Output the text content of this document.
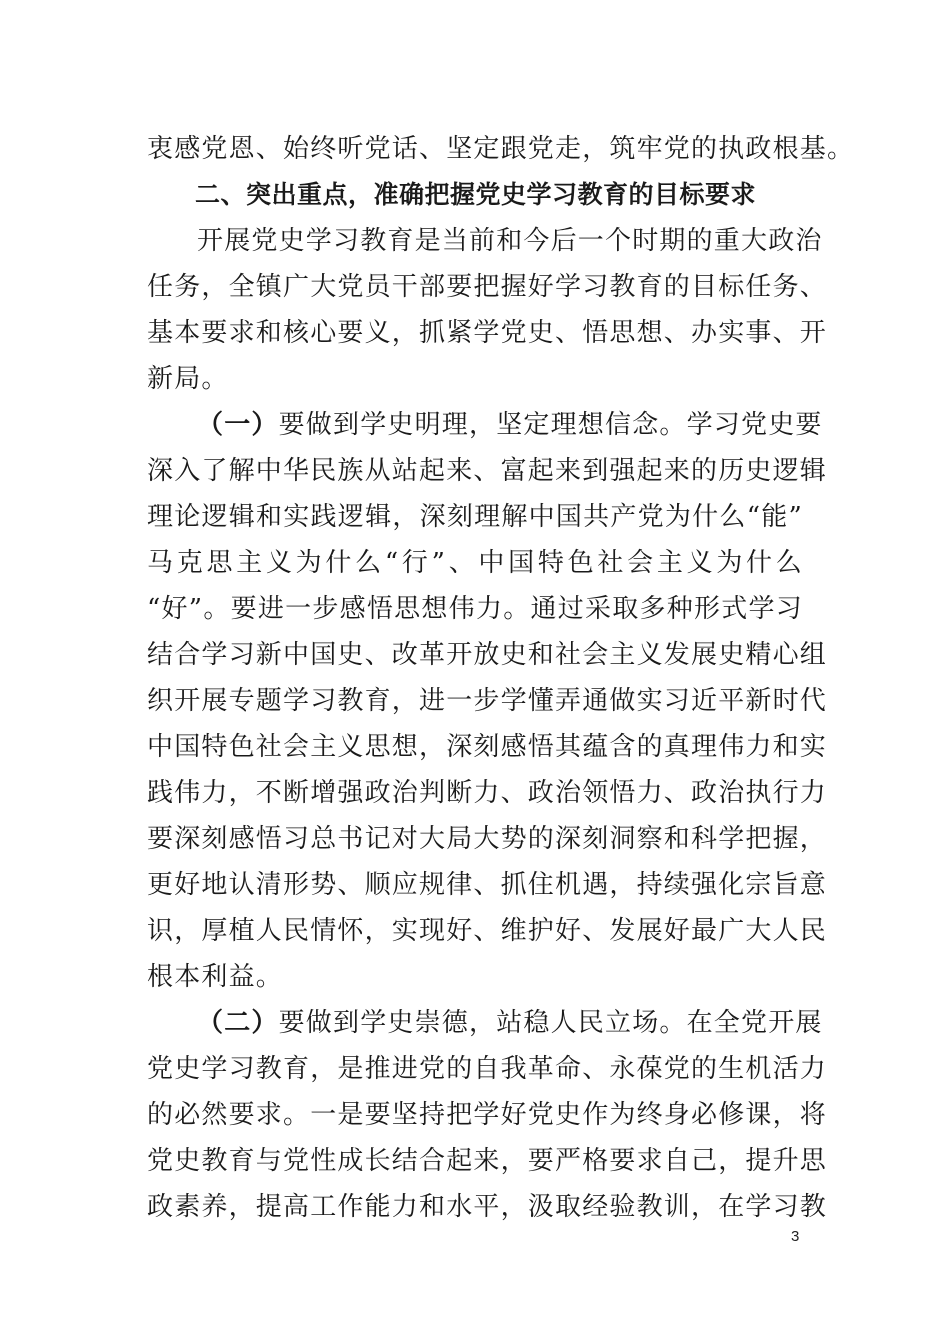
衷感党恩、始终听党话、坚定跟党走，筑牢党的执政根基。
二、突出重点，准确把握党史学习教育的目标要求
开展党史学习教育是当前和今后一个时期的重大政治
任务，全镇广大党员干部要把握好学习教育的目标任务、
基本要求和核心要义，抓紧学党史、悟思想、办实事、开
新局。
（一） 要做到学史明理，坚定理想信念。学习党史要
深入了解中华民族从站起来、富起来到强起来的历史逻辑
理论逻辑和实践逻辑，深刻理解中国共产党为什么“能”
马克思主义为什么“行”、中国特色社会主义为什么
“好”。要进一步感悟思想伟力。通过采取多种形式学习
结合学习新中国史、改革开放史和社会主义发展史精心组
织开展专题学习教育，进一步学懂弄通做实习近平新时代
中国特色社会主义思想，深刻感悟其蕴含的真理伟力和实
践伟力，不断增强政治判断力、政治领悟力、政治执行力
要深刻感悟习总书记对大局大势的深刻洞察和科学把握，
更好地认清形势、顺应规律、抓住机遇，持续强化宗旨意
识，厚植人民情怀，实现好、维护好、发展好最广大人民
根本利益。
（二） 要做到学史崇德，站稳人民立场。在全党开展
党史学习教育，是推进党的自我革命、永葆党的生机活力
的必然要求。一是要坚持把学好党史作为终身必修课，将
党史教育与党性成长结合起来，要严格要求自己，提升思
政素养，提高工作能力和水平，汲取经验教训，在学习教
3
